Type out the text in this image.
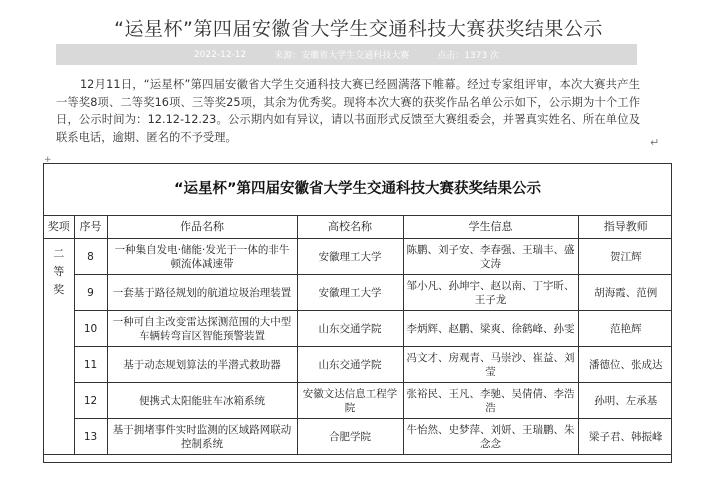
“运星杯”第四届安徽省大学生交通科技大赛获奖结果公示
2022-12-12	来源：安徽省大学生交通科技大赛	点击：1373 次
12月11日，“运星杯”第四届安徽省大学生交通科技大赛已经圆满落下帷幕。经过专家组评审，本次大赛共产生一等奖8项、二等奖16项、三等奖25项，其余为优秀奖。现将本次大赛的获奖作品名单公示如下，公示期为十个工作日，公示时间为：12.12-12.23。公示期内如有异议，请以书面形式反馈至大赛组委会，并署真实姓名、所在单位及联系电话，逾期、匿名的不予受理。	↵
+
“运星杯”第四届安徽省大学生交通科技大赛获奖结果公示
奖项	序号	作品名称	高校名称	学生信息	指导教师

二
等
奖	8	一种集自发电·储能·发光于一体的非牛顿流体减速带	安徽理工大学	陈鹏、刘子安、李春强、王瑞丰、盛文涛	贺江辉
	9	一套基于路径规划的航道垃圾治理装置	安徽理工大学	邹小凡、孙坤宇、赵以南、丁宇昕、王子龙	胡海霞、范例
	10	一种可自主改变雷达探测范围的大中型车辆转弯盲区智能预警装置	山东交通学院	李炳辉、赵鹏、梁爽、徐鹤峰、孙雯	范艳辉
	11	基于动态规划算法的半潜式救助器	山东交通学院	冯文才、房观青、马崇沙、崔益、刘莹	潘德位、张成达
	12	便携式太阳能驻车冰箱系统	安徽文达信息工程学院	张裕民、王凡、李驰、吴倩倩、李浩浩	孙明、左承基
	13	基于拥堵事件实时监测的区域路网联动控制系统	合肥学院	牛怡然、史梦萍、刘妍、王瑞鹏、朱念念	梁子君、韩振峰
